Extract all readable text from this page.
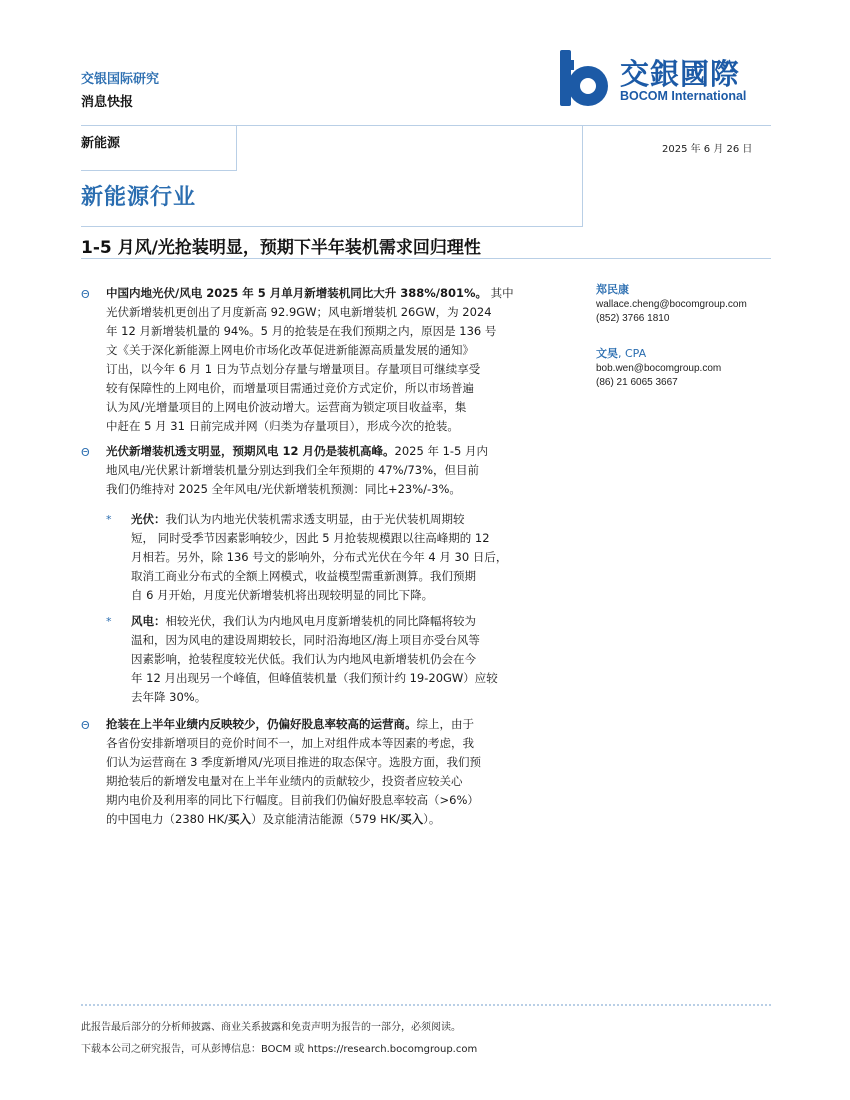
交银国际研究
消息快报
交銀國際
BOCOM International
新能源	2025 年 6 月 26 日
新能源行业
1-5 月风/光抢装明显，预期下半年装机需求回归理性
郑民康
wallace.cheng@bocomgroup.com
(852) 3766 1810
文昊, CPA
bob.wen@bocomgroup.com
(86) 21 6065 3667
Θ 中国内地光伏/风电 2025 年 5 月单月新增装机同比大升 388%/801%。 其中
光伏新增装机更创出了月度新高 92.9GW；风电新增装机 26GW，为 2024
年 12 月新增装机量的 94%。5 月的抢装是在我们预期之内，原因是 136 号
文《关于深化新能源上网电价市场化改革促进新能源高质量发展的通知》
订出，以今年 6 月 1 日为节点划分存量与增量项目。存量项目可继续享受
较有保障性的上网电价，而增量项目需通过竞价方式定价，所以市场普遍
认为风/光增量项目的上网电价波动增大。运营商为锁定项目收益率，集
中赶在 5 月 31 日前完成并网（归类为存量项目），形成今次的抢装。
Θ 光伏新增装机透支明显，预期风电 12 月仍是装机高峰。2025 年 1-5 月内
地风电/光伏累计新增装机量分别达到我们全年预期的 47%/73%，但目前
我们仍维持对 2025 全年风电/光伏新增装机预测：同比+23%/-3%。
* 光伏：我们认为内地光伏装机需求透支明显，由于光伏装机周期较
短， 同时受季节因素影响较少，因此 5 月抢装规模跟以往高峰期的 12
月相若。另外，除 136 号文的影响外，分布式光伏在今年 4 月 30 日后，
取消工商业分布式的全额上网模式，收益模型需重新测算。我们预期
自 6 月开始，月度光伏新增装机将出现较明显的同比下降。
* 风电：相较光伏，我们认为内地风电月度新增装机的同比降幅将较为
温和，因为风电的建设周期较长，同时沿海地区/海上项目亦受台风等
因素影响，抢装程度较光伏低。我们认为内地风电新增装机仍会在今
年 12 月出现另一个峰值，但峰值装机量（我们预计约 19-20GW）应较
去年降 30%。
Θ 抢装在上半年业绩内反映较少，仍偏好股息率较高的运营商。综上，由于
各省份安排新增项目的竞价时间不一，加上对组件成本等因素的考虑，我
们认为运营商在 3 季度新增风/光项目推进的取态保守。选股方面，我们预
期抢装后的新增发电量对在上半年业绩内的贡献较少，投资者应较关心
期内电价及利用率的同比下行幅度。目前我们仍偏好股息率较高（>6%）
的中国电力（2380 HK/买入）及京能清洁能源（579 HK/买入）。
此报告最后部分的分析师披露、商业关系披露和免责声明为报告的一部分，必须阅读。
下载本公司之研究报告，可从彭博信息：BOCM 或 https://research.bocomgroup.com
